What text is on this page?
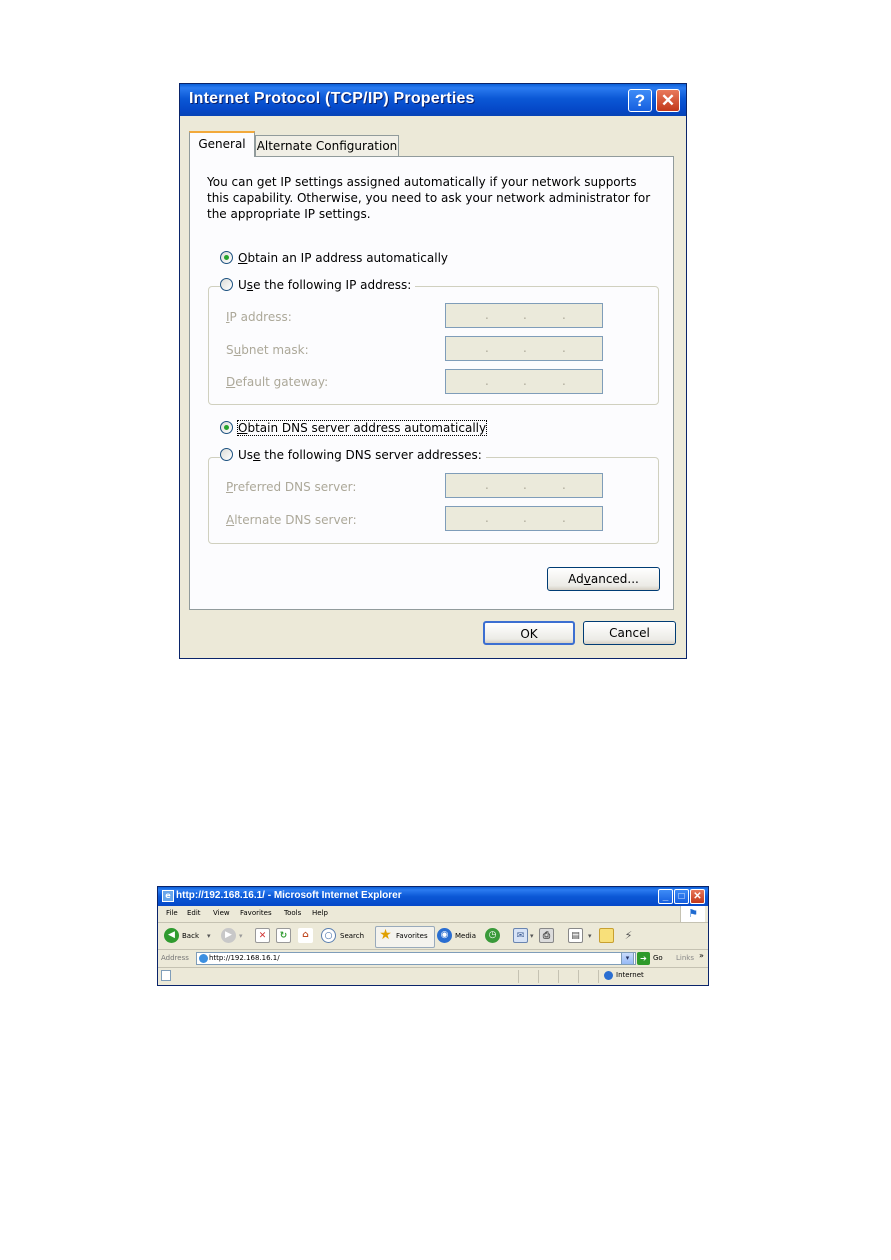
Internet Protocol (TCP/IP) Properties	? ✕
General Alternate Configuration
You can get IP settings assigned automatically if your network supports this capability. Otherwise, you need to ask your network administrator for the appropriate IP settings.
Obtain an IP address automatically
Use the following IP address:
IP address:	.	.	.
Subnet mask:	.	.	.
Default gateway:	.	.	.
Obtain DNS server address automatically
Use the following DNS server addresses:
Preferred DNS server:	.	.	.
Alternate DNS server:	.	.	.
Advanced...
OK	Cancel
e http://192.168.16.1/ - Microsoft Internet Explorer	_	□ ✕
File Edit View Favorites Tools Help	⚑
◀	Back ▾	▶	▾	✕	↻	⌂	○	Search ★ Favorites	◉ Media	◷	✉ ▾	⎙	▤	▾	⚡
Address	http://192.168.16.1/	▾	➔ Go Links »
Internet
